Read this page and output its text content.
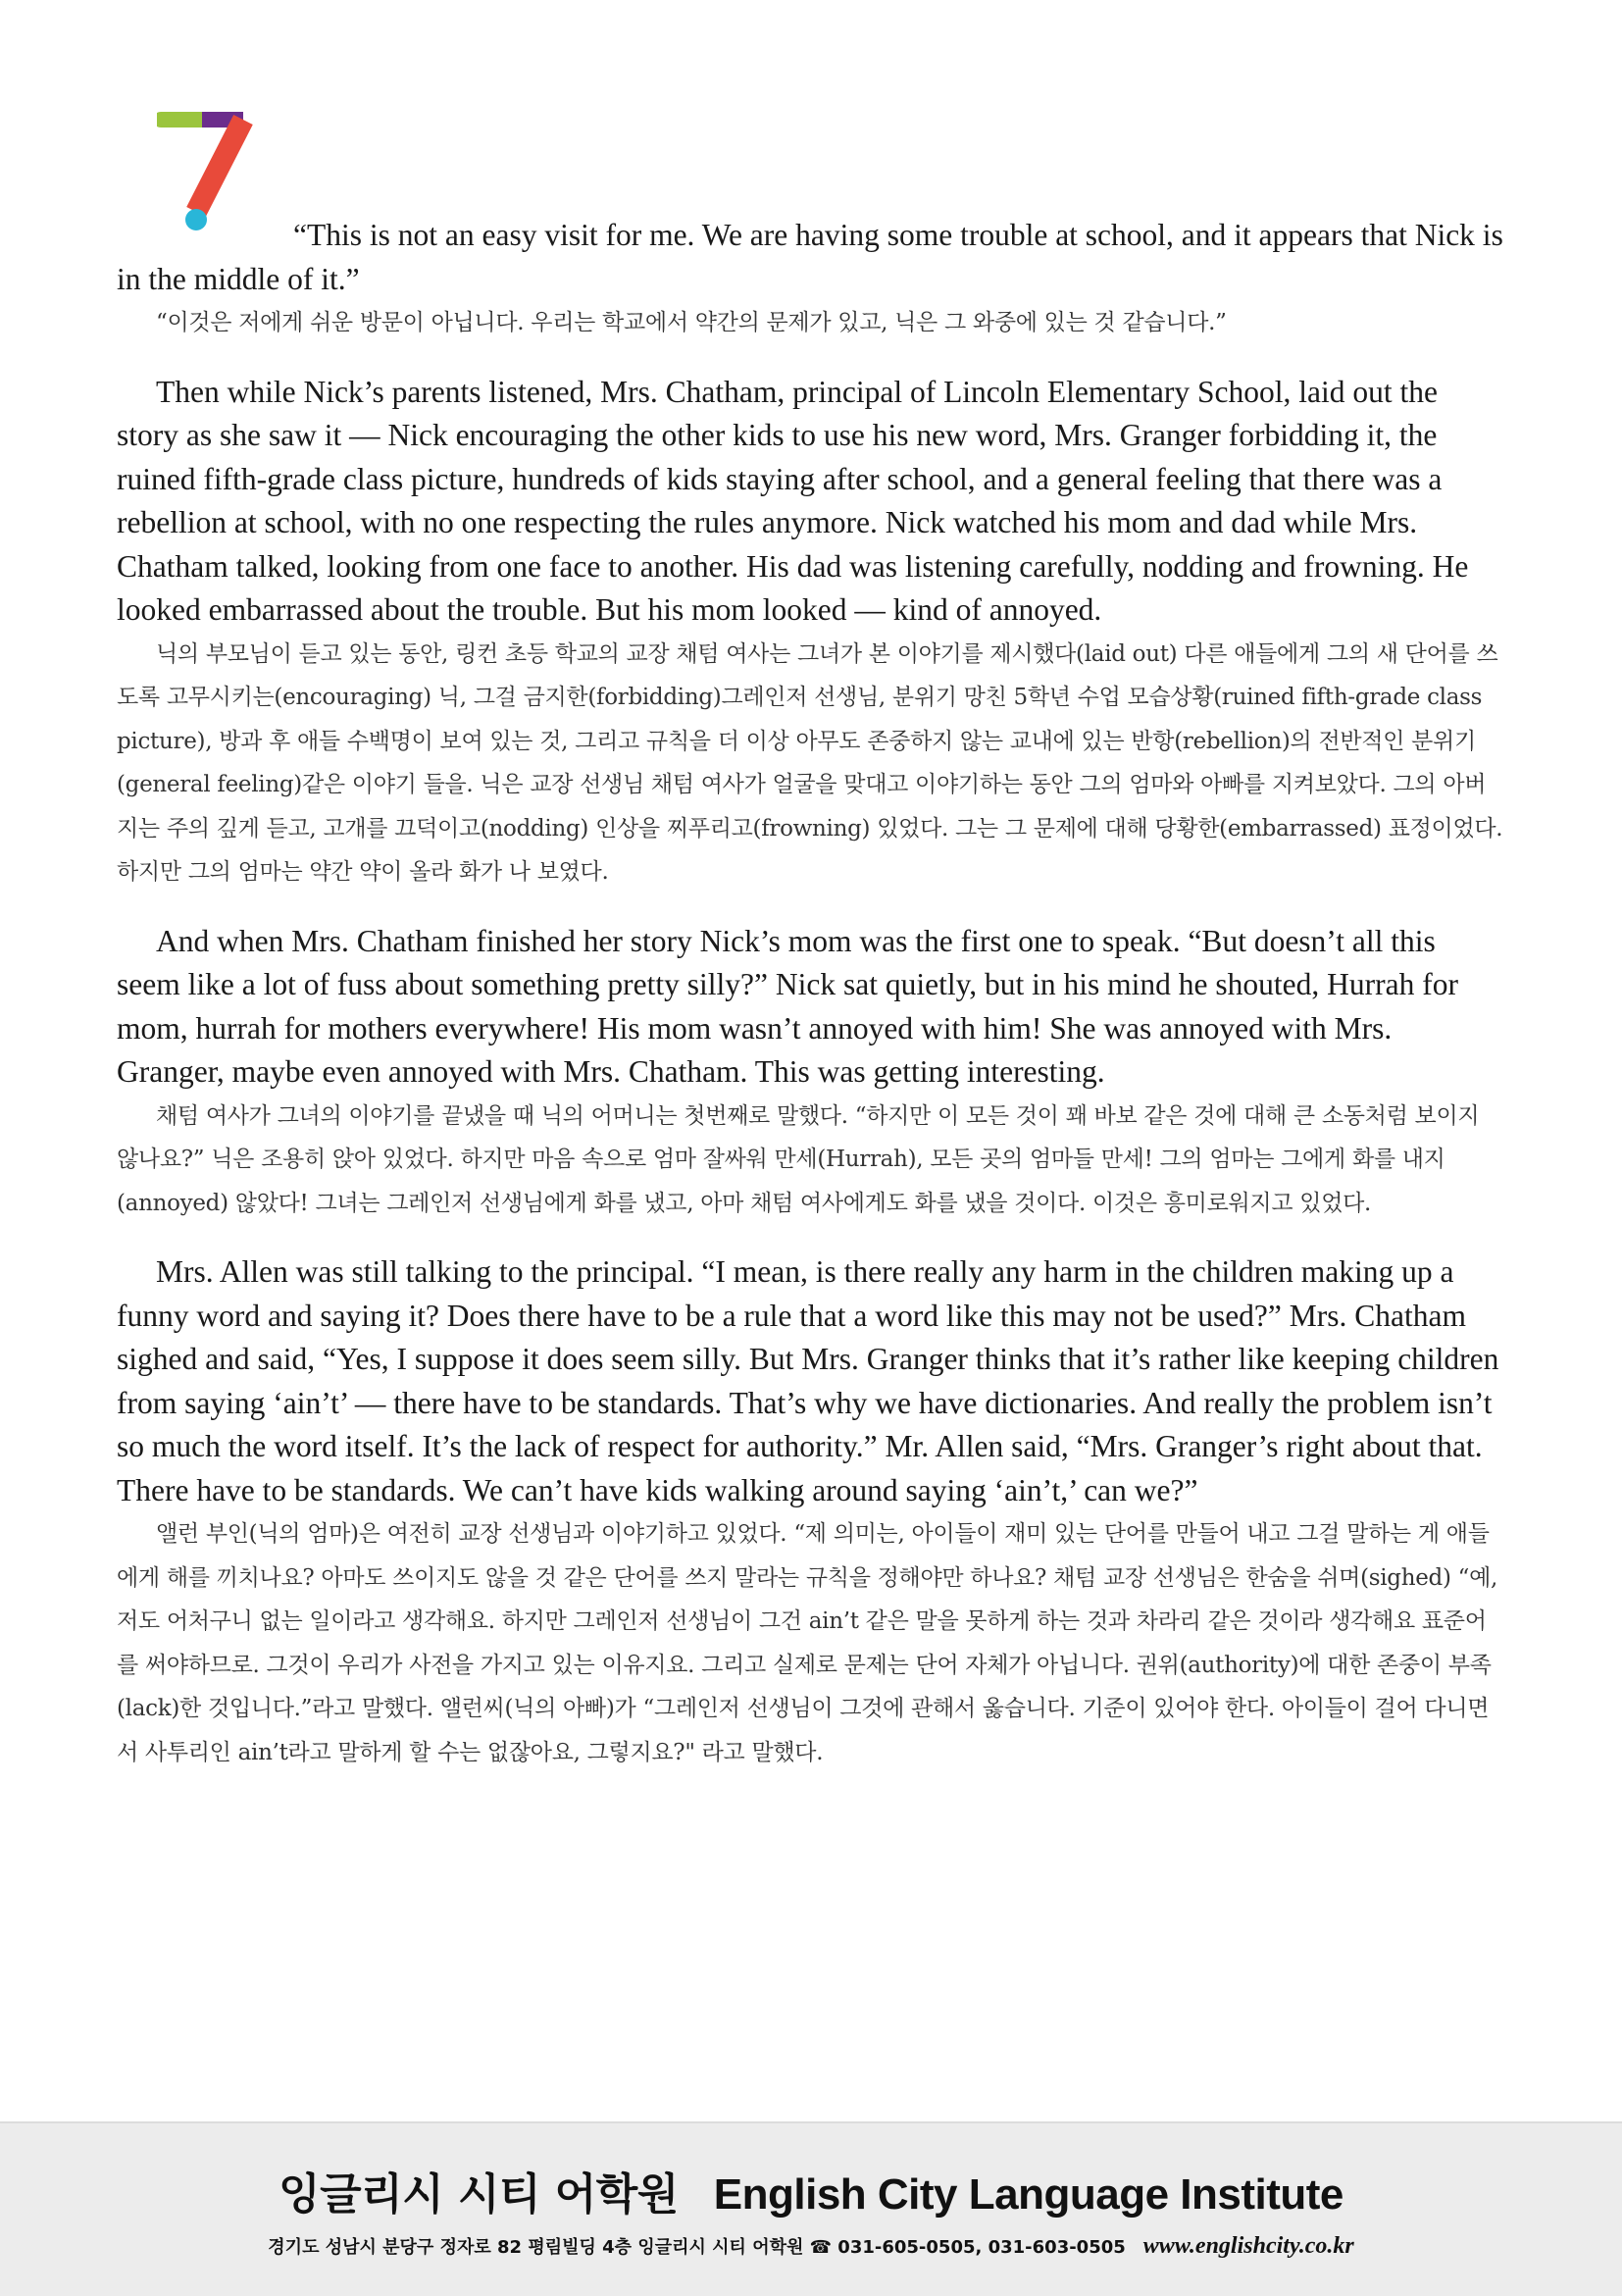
“This is not an easy visit for me. We are having some trouble at school, and it appears that Nick is in the middle of it.”

“이것은 저에게 쉬운 방문이 아닙니다. 우리는 학교에서 약간의 문제가 있고, 닉은 그 와중에 있는 것 같습니다.”

Then while Nick’s parents listened, Mrs. Chatham, principal of Lincoln Elementary School, laid out the story as she saw it — Nick encouraging the other kids to use his new word, Mrs. Granger forbidding it, the ruined fifth-grade class picture, hundreds of kids staying after school, and a general feeling that there was a rebellion at school, with no one respecting the rules anymore. Nick watched his mom and dad while Mrs. Chatham talked, looking from one face to another. His dad was listening carefully, nodding and frowning. He looked embarrassed about the trouble. But his mom looked — kind of annoyed.

닉의 부모님이 듣고 있는 동안, 링컨 초등 학교의 교장 채텀 여사는 그녀가 본 이야기를 제시했다(laid out) 다른 애들에게 그의 새 단어를 쓰도록 고무시키는(encouraging) 닉, 그걸 금지한(forbidding)그레인저 선생님, 분위기 망친 5학년 수업 모습상황(ruined fifth-grade class picture), 방과 후 애들 수백명이 보여 있는 것, 그리고 규칙을 더 이상 아무도 존중하지 않는 교내에 있는 반항(rebellion)의 전반적인 분위기(general feeling)같은 이야기 들을. 닉은 교장 선생님 채텀 여사가 얼굴을 맞대고 이야기하는 동안 그의 엄마와 아빠를 지켜보았다. 그의 아버지는 주의 깊게 듣고, 고개를 끄덕이고(nodding) 인상을 찌푸리고(frowning) 있었다. 그는 그 문제에 대해 당황한(embarrassed) 표정이었다. 하지만 그의 엄마는 약간 약이 올라 화가 나 보였다.

And when Mrs. Chatham finished her story Nick’s mom was the first one to speak. “But doesn’t all this seem like a lot of fuss about something pretty silly?” Nick sat quietly, but in his mind he shouted, Hurrah for mom, hurrah for mothers everywhere! His mom wasn’t annoyed with him! She was annoyed with Mrs. Granger, maybe even annoyed with Mrs. Chatham. This was getting interesting.

채텀 여사가 그녀의 이야기를 끝냈을 때 닉의 어머니는 첫번째로 말했다. “하지만 이 모든 것이 꽤 바보 같은 것에 대해 큰 소동처럼 보이지 않나요?” 닉은 조용히 앉아 있었다. 하지만 마음 속으로 엄마 잘싸워 만세(Hurrah), 모든 곳의 엄마들 만세! 그의 엄마는 그에게 화를 내지(annoyed) 않았다! 그녀는 그레인저 선생님에게 화를 냈고, 아마 채텀 여사에게도 화를 냈을 것이다. 이것은 흥미로워지고 있었다.

Mrs. Allen was still talking to the principal. “I mean, is there really any harm in the children making up a funny word and saying it? Does there have to be a rule that a word like this may not be used?” Mrs. Chatham sighed and said, “Yes, I suppose it does seem silly. But Mrs. Granger thinks that it’s rather like keeping children from saying ‘ain’t’ — there have to be standards. That’s why we have dictionaries. And really the problem isn’t so much the word itself. It’s the lack of respect for authority.” Mr. Allen said, “Mrs. Granger’s right about that. There have to be standards. We can’t have kids walking around saying ‘ain’t,’ can we?”

앨런 부인(닉의 엄마)은 여전히 교장 선생님과 이야기하고 있었다. “제 의미는, 아이들이 재미 있는 단어를 만들어 내고 그걸 말하는 게 애들에게 해를 끼치나요? 아마도 쓰이지도 않을 것 같은 단어를 쓰지 말라는 규칙을 정해야만 하나요? 채텀 교장 선생님은 한숨을 쉬며(sighed) “예, 저도 어처구니 없는 일이라고 생각해요. 하지만 그레인저 선생님이 그건 ain’t 같은 말을 못하게 하는 것과 차라리 같은 것이라 생각해요 표준어를 써야하므로. 그것이 우리가 사전을 가지고 있는 이유지요. 그리고 실제로 문제는 단어 자체가 아닙니다. 권위(authority)에 대한 존중이 부족(lack)한 것입니다.”라고 말했다. 앨런씨(닉의 아빠)가 “그레인저 선생님이 그것에 관해서 옳습니다. 기준이 있어야 한다. 아이들이 걸어 다니면서 사투리인 ain’t라고 말하게 할 수는 없잖아요, 그렇지요?" 라고 말했다.

잉글리시 시티 어학원 English City Language Institute
경기도 성남시 분당구 정자로 82 평림빌딩 4층 잉글리시 시티 어학원 ☎ 031-605-0505, 031-603-0505 www.englishcity.co.kr
